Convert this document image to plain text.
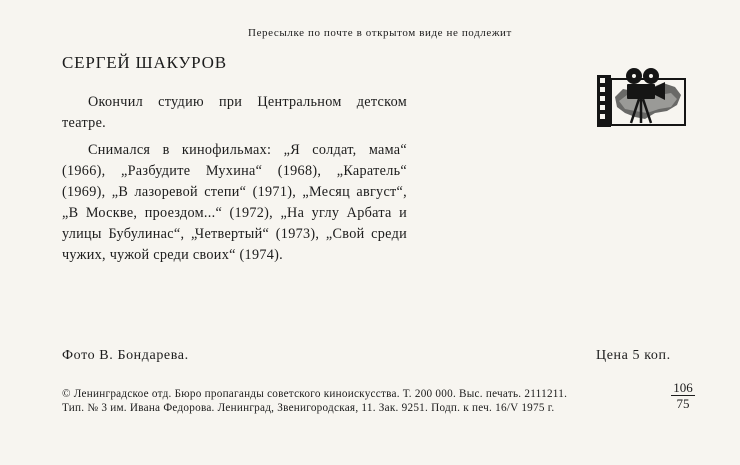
Пересылке по почте в открытом виде не подлежит
СЕРГЕЙ ШАКУРОВ

Окончил студию при Центральном детском театре.

Снимался в кинофильмах: „Я солдат, мама“ (1966), „Разбудите Мухина“ (1968), „Каратель“ (1969), „В лазоревой степи“ (1971), „Месяц август“, „В Москве, проездом...“ (1972), „На углу Арбата и улицы Бубулинас“, „Четвертый“ (1973), „Свой среди чужих, чужой среди своих“ (1974).

Фото В. Бондарева.	Цена 5 коп.
© Ленинградское отд. Бюро пропаганды советского киноискусства. Т. 200 000. Выс. печать. 2111211.
Тип. № 3 им. Ивана Федорова. Ленинград, Звенигородская, 11. Зак. 9251. Подп. к печ. 16/V 1975 г.	$\frac{106}{75}$
